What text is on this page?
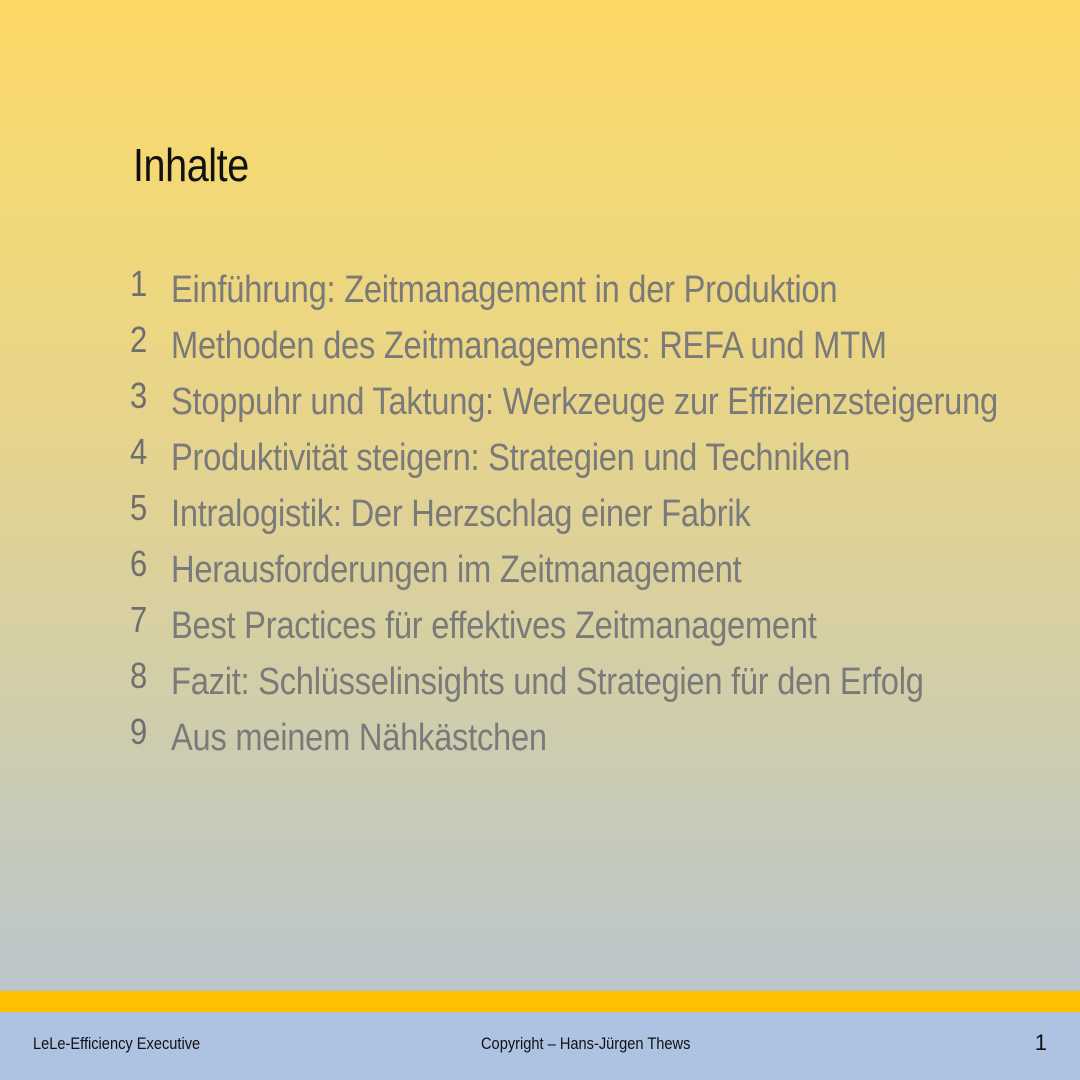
Inhalte
1 Einführung: Zeitmanagement in der Produktion
2 Methoden des Zeitmanagements: REFA und MTM
3 Stoppuhr und Taktung: Werkzeuge zur Effizienzsteigerung
4 Produktivität steigern: Strategien und Techniken
5 Intralogistik: Der Herzschlag einer Fabrik
6 Herausforderungen im Zeitmanagement
7 Best Practices für effektives Zeitmanagement
8 Fazit: Schlüsselinsights und Strategien für den Erfolg
9 Aus meinem Nähkästchen
LeLe-Efficiency Executive	Copyright – Hans-Jürgen Thews	1
